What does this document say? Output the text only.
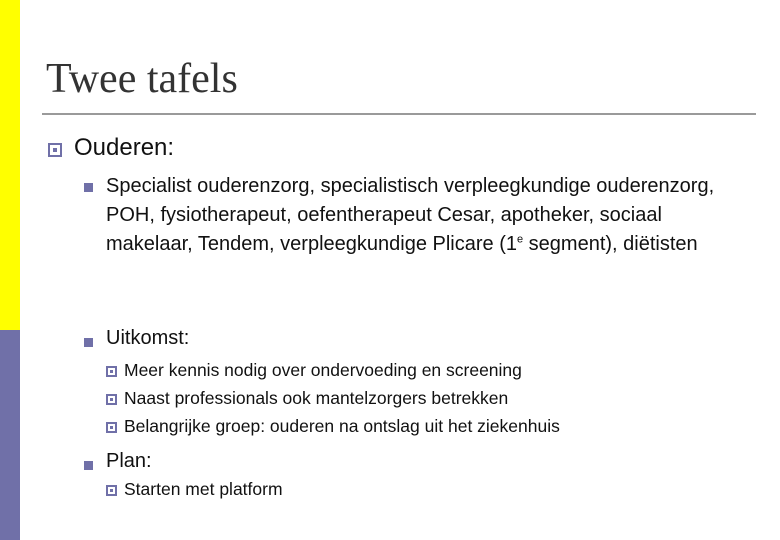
Twee tafels
Ouderen:
Specialist ouderenzorg, specialistisch verpleegkundige ouderenzorg, POH, fysiotherapeut, oefentherapeut Cesar, apotheker, sociaal makelaar, Tendem, verpleegkundige Plicare (1e segment), diëtisten
Uitkomst:
Meer kennis nodig over ondervoeding en screening
Naast professionals ook mantelzorgers betrekken
Belangrijke groep: ouderen na ontslag uit het ziekenhuis
Plan:
Starten met platform
